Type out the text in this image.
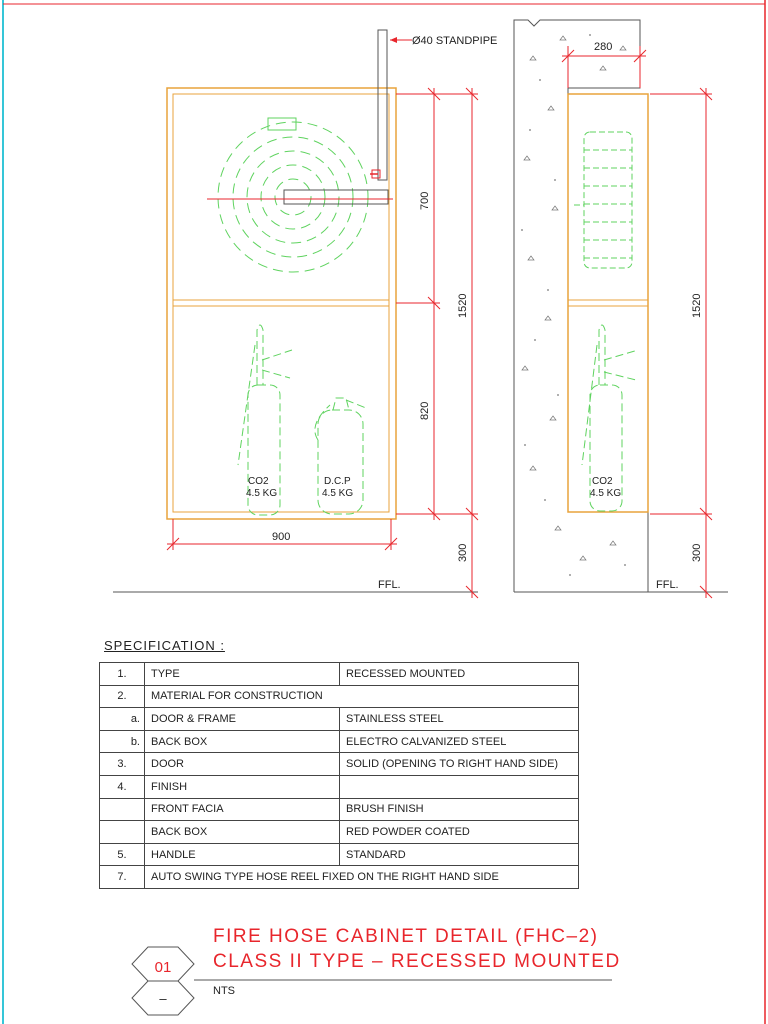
FFL.
Ø40 STANDPIPE
CO2
4.5 KG
D.C.P
4.5 KG
700
820
1520
300
900
FFL.
CO2
4.5 KG
280
1520
300
01
–
SPECIFICATION :
1.	TYPE	RECESSED MOUNTED
2.	MATERIAL FOR CONSTRUCTION	
a.	DOOR & FRAME	STAINLESS STEEL
b.	BACK BOX	ELECTRO CALVANIZED STEEL
3.	DOOR	SOLID (OPENING TO RIGHT HAND SIDE)
4.	FINISH	
	FRONT FACIA	BRUSH FINISH
	BACK BOX	RED POWDER COATED
5.	HANDLE	STANDARD
7.	AUTO SWING TYPE HOSE REEL FIXED ON THE RIGHT HAND SIDE	
FIRE HOSE CABINET DETAIL (FHC–2)
CLASS II TYPE – RECESSED MOUNTED
NTS
